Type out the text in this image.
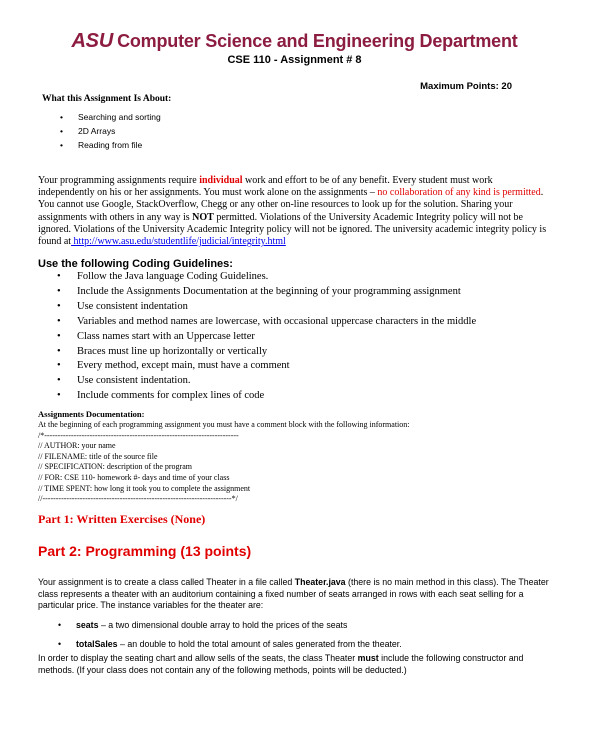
ASU Computer Science and Engineering Department
CSE 110 - Assignment # 8
Maximum Points: 20
What this Assignment Is About:
• Searching and sorting
• 2D Arrays
• Reading from file
Your programming assignments require individual work and effort to be of any benefit. Every student must work independently on his or her assignments. You must work alone on the assignments – no collaboration of any kind is permitted. You cannot use Google, StackOverflow, Chegg or any other on-line resources to look up for the solution. Sharing your assignments with others in any way is NOT permitted. Violations of the University Academic Integrity policy will not be ignored. Violations of the University Academic Integrity policy will not be ignored. The university academic integrity policy is found at http://www.asu.edu/studentlife/judicial/integrity.html
Use the following Coding Guidelines:
• Follow the Java language Coding Guidelines.
• Include the Assignments Documentation at the beginning of your programming assignment
• Use consistent indentation
• Variables and method names are lowercase, with occasional uppercase characters in the middle
• Class names start with an Uppercase letter
• Braces must line up horizontally or vertically
• Every method, except main, must have a comment
• Use consistent indentation.
• Include comments for complex lines of code
Assignments Documentation:
At the beginning of each programming assignment you must have a comment block with the following information:
/*-------------------------------------------------------------------------
// AUTHOR: your name
// FILENAME: title of the source file
// SPECIFICATION: description of the program
// FOR: CSE 110- homework #- days and time of your class
// TIME SPENT: how long it took you to complete the assignment
//-----------------------------------------------------------------------*/
Part 1: Written Exercises (None)
Part 2: Programming (13 points)
Your assignment is to create a class called Theater in a file called Theater.java (there is no main method in this class). The Theater class represents a theater with an auditorium containing a fixed number of seats arranged in rows with each seat selling for a particular price. The instance variables for the theater are:
• seats – a two dimensional double array to hold the prices of the seats
• totalSales – an double to hold the total amount of sales generated from the theater.
In order to display the seating chart and allow sells of the seats, the class Theater must include the following constructor and methods. (If your class does not contain any of the following methods, points will be deducted.)
